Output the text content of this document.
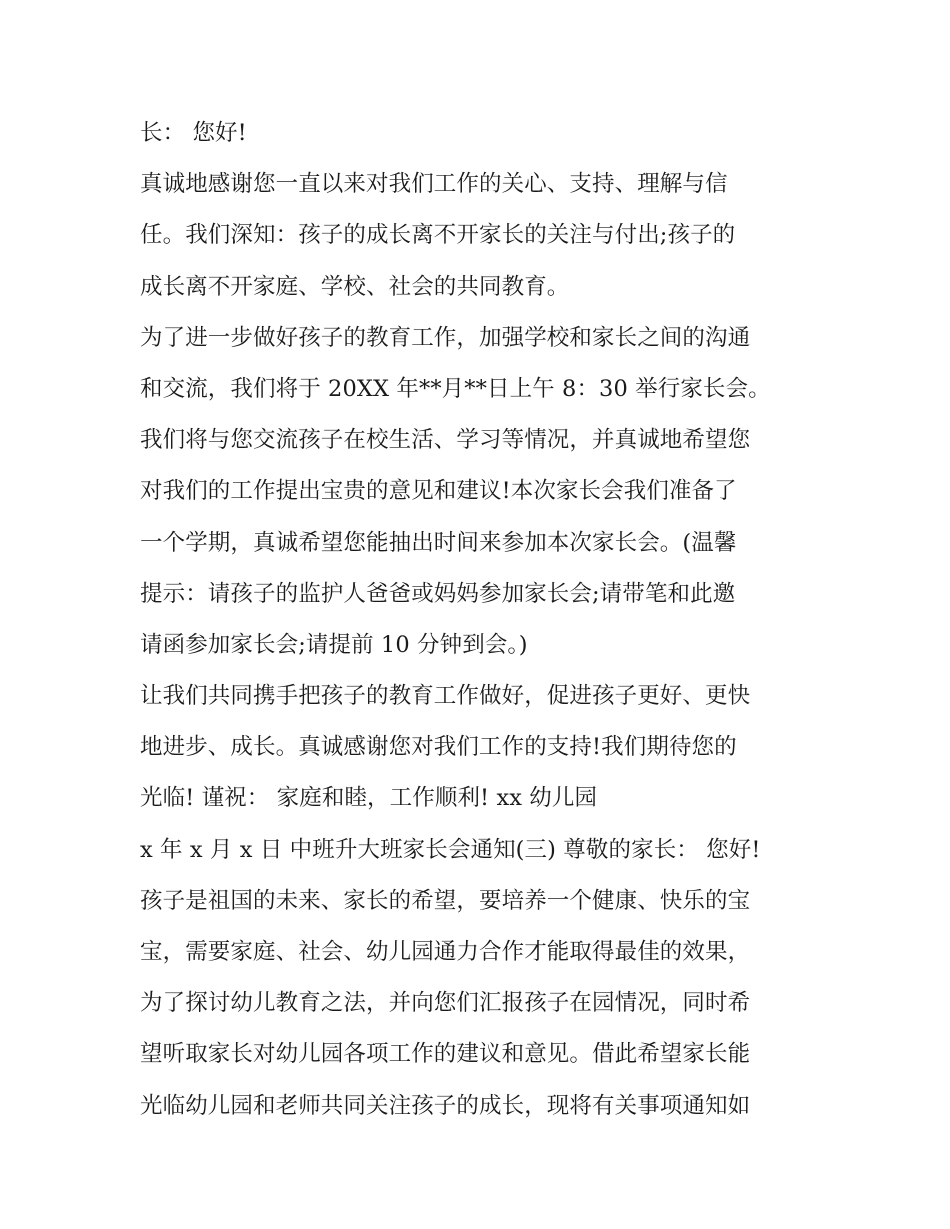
长： 您好!
真诚地感谢您一直以来对我们工作的关心、支持、理解与信
任。我们深知：孩子的成长离不开家长的关注与付出;孩子的
成长离不开家庭、学校、社会的共同教育。
为了进一步做好孩子的教育工作，加强学校和家长之间的沟通
和交流，我们将于 20XX 年**月**日上午 8：30 举行家长会。
我们将与您交流孩子在校生活、学习等情况，并真诚地希望您
对我们的工作提出宝贵的意见和建议!本次家长会我们准备了
一个学期，真诚希望您能抽出时间来参加本次家长会。(温馨
提示：请孩子的监护人爸爸或妈妈参加家长会;请带笔和此邀
请函参加家长会;请提前 10 分钟到会。)
让我们共同携手把孩子的教育工作做好，促进孩子更好、更快
地进步、成长。真诚感谢您对我们工作的支持!我们期待您的
光临! 谨祝： 家庭和睦，工作顺利! xx 幼儿园
x 年 x 月 x 日 中班升大班家长会通知(三) 尊敬的家长： 您好!
孩子是祖国的未来、家长的希望，要培养一个健康、快乐的宝
宝，需要家庭、社会、幼儿园通力合作才能取得最佳的效果，
为了探讨幼儿教育之法，并向您们汇报孩子在园情况，同时希
望听取家长对幼儿园各项工作的建议和意见。借此希望家长能
光临幼儿园和老师共同关注孩子的成长，现将有关事项通知如
